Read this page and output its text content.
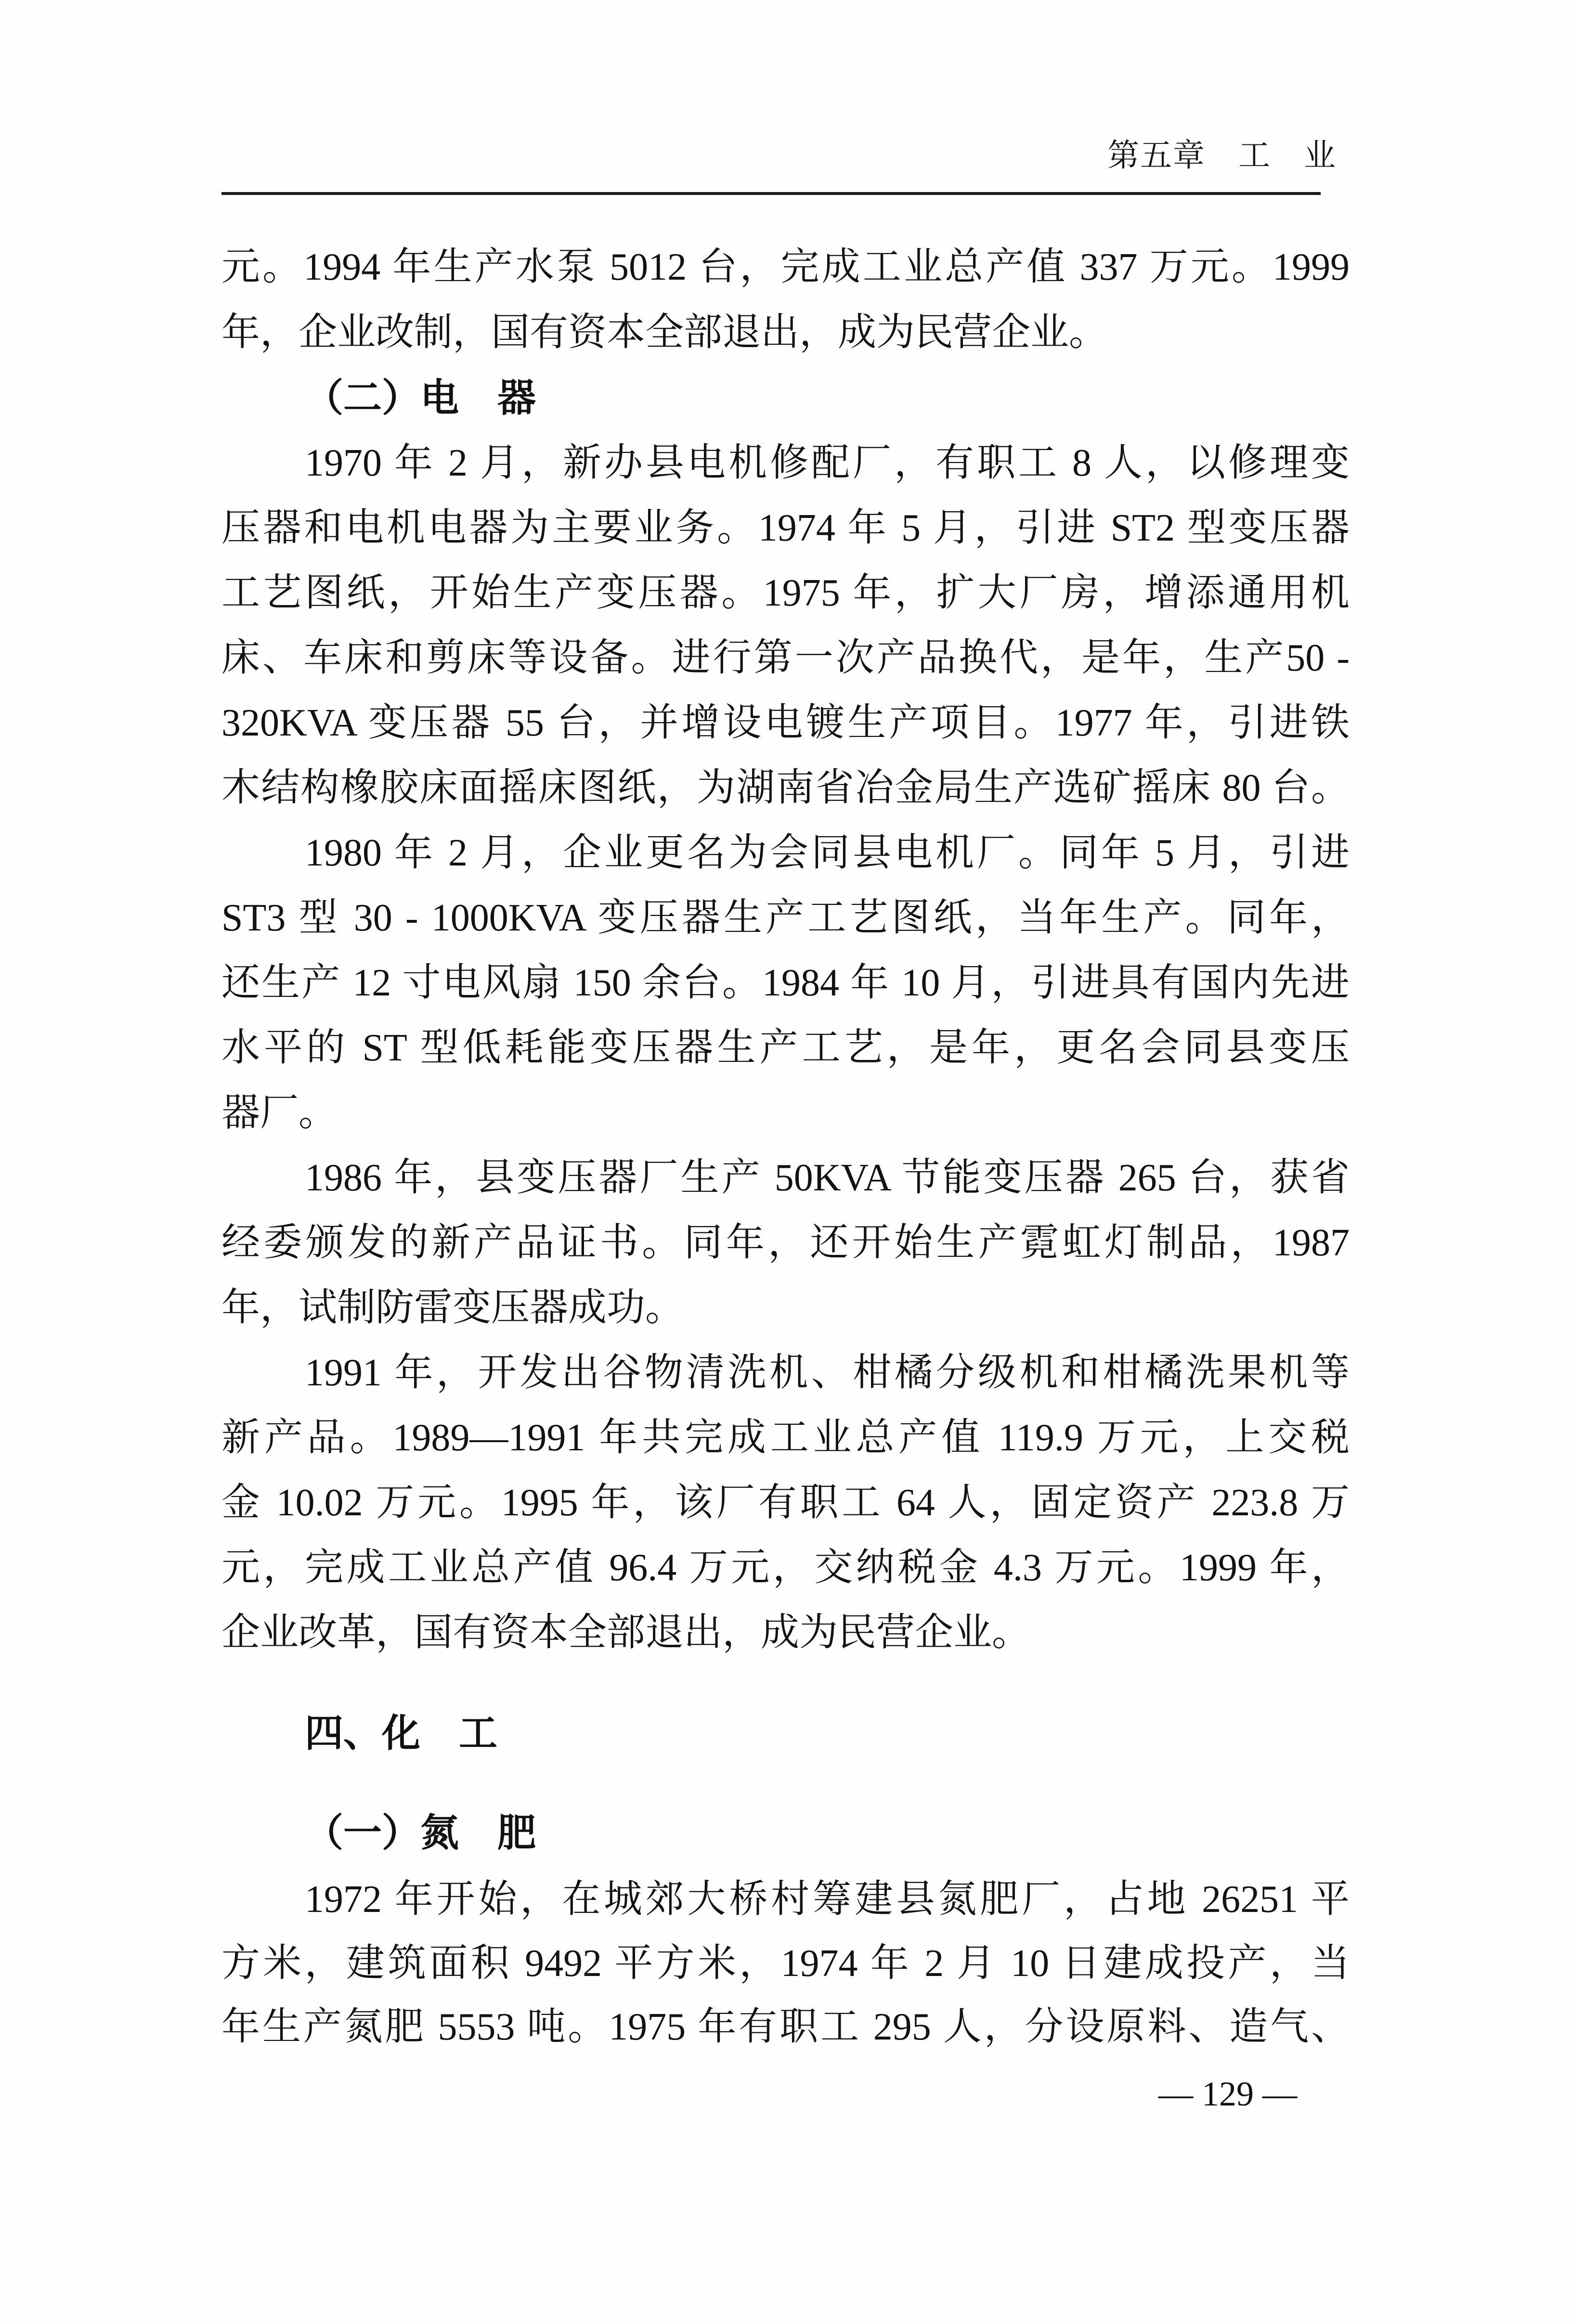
第五章　工　业
元。1994 年生产水泵 5012 台，完成工业总产值 337 万元。1999
年，企业改制，国有资本全部退出，成为民营企业。
（二）电　器
1970 年 2 月，新办县电机修配厂，有职工 8 人，以修理变
压器和电机电器为主要业务。1974 年 5 月，引进 ST2 型变压器
工艺图纸，开始生产变压器。1975 年，扩大厂房，增添通用机
床、车床和剪床等设备。进行第一次产品换代，是年，生产50 -
320KVA 变压器 55 台，并增设电镀生产项目。1977 年，引进铁
木结构橡胶床面摇床图纸，为湖南省冶金局生产选矿摇床 80 台。
1980 年 2 月，企业更名为会同县电机厂。同年 5 月，引进
ST3 型 30 - 1000KVA 变压器生产工艺图纸，当年生产。同年，
还生产 12 寸电风扇 150 余台。1984 年 10 月，引进具有国内先进
水平的 ST 型低耗能变压器生产工艺，是年，更名会同县变压
器厂。
1986 年，县变压器厂生产 50KVA 节能变压器 265 台，获省
经委颁发的新产品证书。同年，还开始生产霓虹灯制品，1987
年，试制防雷变压器成功。
1991 年，开发出谷物清洗机、柑橘分级机和柑橘洗果机等
新产品。1989—1991 年共完成工业总产值 119.9 万元，上交税
金 10.02 万元。1995 年，该厂有职工 64 人，固定资产 223.8 万
元，完成工业总产值 96.4 万元，交纳税金 4.3 万元。1999 年，
企业改革，国有资本全部退出，成为民营企业。
四、化　工
（一）氮　肥
1972 年开始，在城郊大桥村筹建县氮肥厂，占地 26251 平
方米，建筑面积 9492 平方米，1974 年 2 月 10 日建成投产，当
年生产氮肥 5553 吨。1975 年有职工 295 人，分设原料、造气、
— 129 —
